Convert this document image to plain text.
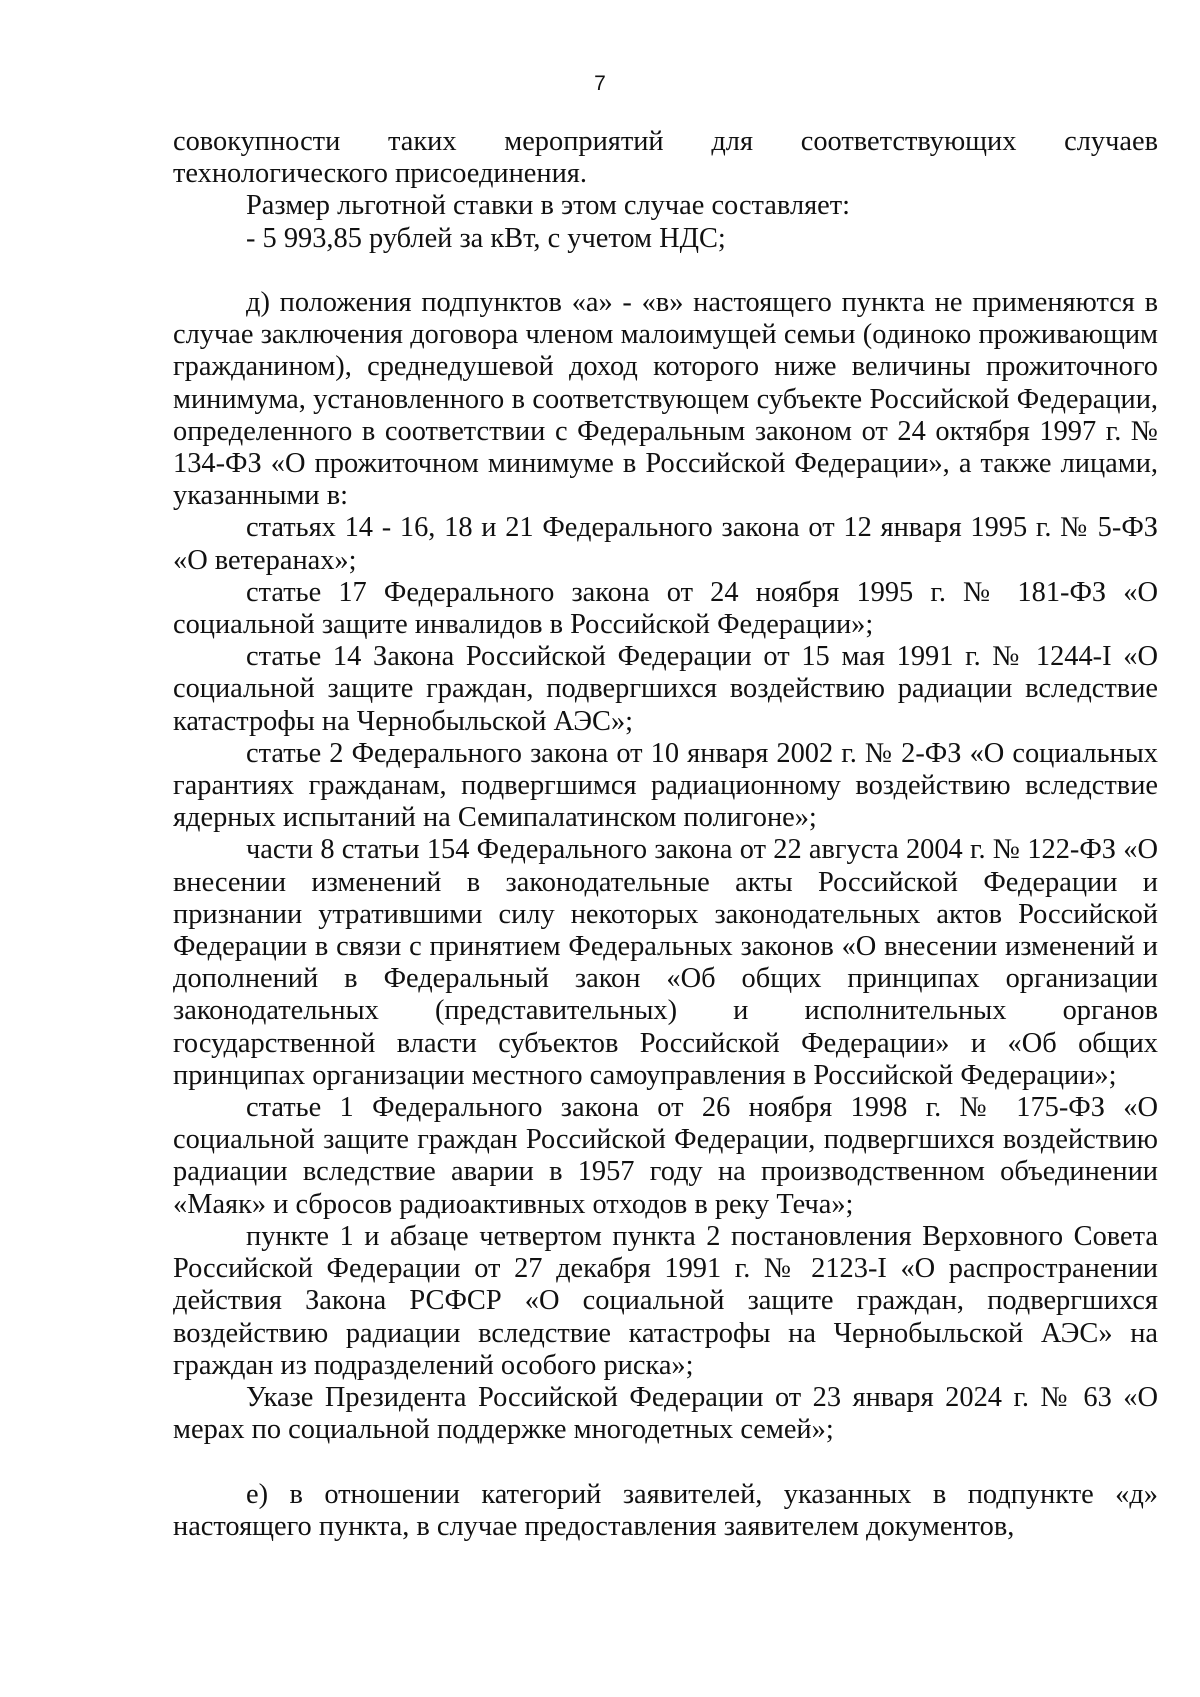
7

совокупности таких мероприятий для соответствующих случаев технологического присоединения.

Размер льготной ставки в этом случае составляет:

- 5 993,85 рублей за кВт, с учетом НДС;

д) положения подпунктов «а» - «в» настоящего пункта не применяются в случае заключения договора членом малоимущей семьи (одиноко проживающим гражданином), среднедушевой доход которого ниже величины прожиточного минимума, установленного в соответствующем субъекте Российской Федерации, определенного в соответствии с Федеральным законом от 24 октября 1997 г. № 134-ФЗ «О прожиточном минимуме в Российской Федерации», а также лицами, указанными в:

статьях 14 - 16, 18 и 21 Федерального закона от 12 января 1995 г. № 5-ФЗ «О ветеранах»;

статье 17 Федерального закона от 24 ноября 1995 г. № 181-ФЗ «О социальной защите инвалидов в Российской Федерации»;

статье 14 Закона Российской Федерации от 15 мая 1991 г. № 1244-I «О социальной защите граждан, подвергшихся воздействию радиации вследствие катастрофы на Чернобыльской АЭС»;

статье 2 Федерального закона от 10 января 2002 г. № 2-ФЗ «О социальных гарантиях гражданам, подвергшимся радиационному воздействию вследствие ядерных испытаний на Семипалатинском полигоне»;

части 8 статьи 154 Федерального закона от 22 августа 2004 г. № 122-ФЗ «О внесении изменений в законодательные акты Российской Федерации и признании утратившими силу некоторых законодательных актов Российской Федерации в связи с принятием Федеральных законов «О внесении изменений и дополнений в Федеральный закон «Об общих принципах организации законодательных (представительных) и исполнительных органов государственной власти субъектов Российской Федерации» и «Об общих принципах организации местного самоуправления в Российской Федерации»;

статье 1 Федерального закона от 26 ноября 1998 г. № 175-ФЗ «О социальной защите граждан Российской Федерации, подвергшихся воздействию радиации вследствие аварии в 1957 году на производственном объединении «Маяк» и сбросов радиоактивных отходов в реку Теча»;

пункте 1 и абзаце четвертом пункта 2 постановления Верховного Совета Российской Федерации от 27 декабря 1991 г. № 2123-I «О распространении действия Закона РСФСР «О социальной защите граждан, подвергшихся воздействию радиации вследствие катастрофы на Чернобыльской АЭС» на граждан из подразделений особого риска»;

Указе Президента Российской Федерации от 23 января 2024 г. № 63 «О мерах по социальной поддержке многодетных семей»;

е) в отношении категорий заявителей, указанных в подпункте «д» настоящего пункта, в случае предоставления заявителем документов,
